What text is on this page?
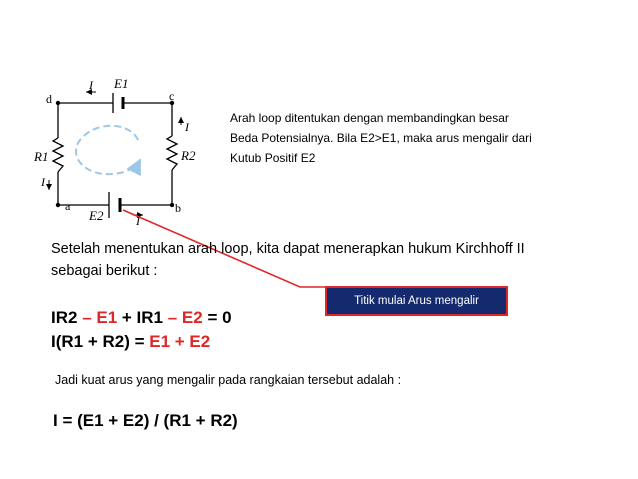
E1
E2
R1	R2
d	c
a	b
I
I
I
I
Arah loop ditentukan dengan membandingkan besar
Beda Potensialnya. Bila E2>E1, maka arus mengalir dari
Kutub Positif E2
Setelah menentukan arah loop, kita dapat menerapkan hukum Kirchhoff II
sebagai berikut :
Titik mulai Arus mengalir
IR2 – E1 + IR1 – E2 = 0
I(R1 + R2) = E1 + E2
Jadi kuat arus yang mengalir pada rangkaian tersebut adalah :
I = (E1 + E2) / (R1 + R2)
